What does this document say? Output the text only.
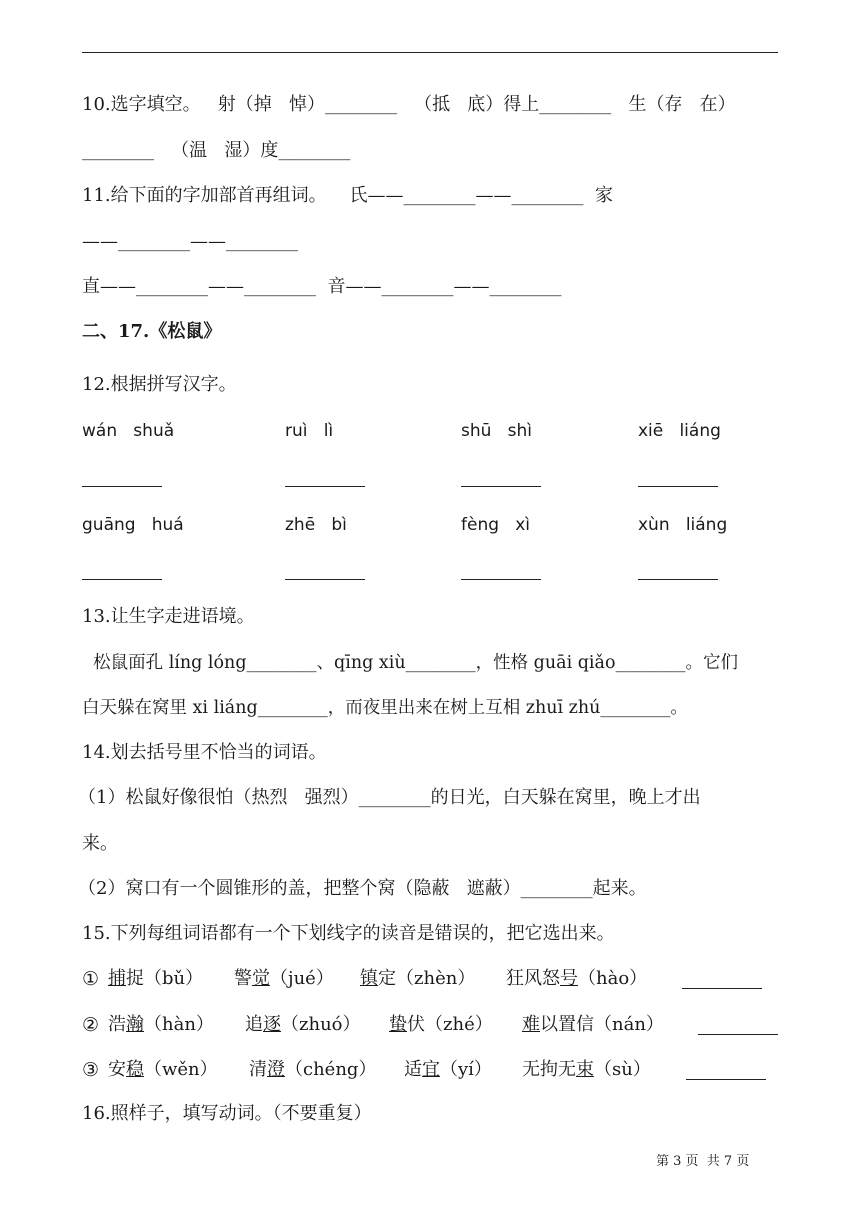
10.选字填空。   射（掉   悼）________   （抵   底）得上________   生（存   在）
________   （温   湿）度________
11.给下面的字加部首再组词。    氏——________——________  家
——________——________
直——________——________  音——________——________
二、17.《松鼠》
12.根据拼写汉字。
wán   shuǎ	ruì   lì	shū   shì	xiē   liáng
guāng   huá	zhē   bì	fèng   xì	xùn   liáng
13.让生字走进语境。
松鼠面孔 líng lóng________、qīng xiù________，性格 guāi qiǎo________。它们
白天躲在窝里 xi liáng________，而夜里出来在树上互相 zhuī zhú________。
14.划去括号里不恰当的词语。
（1）松鼠好像很怕（热烈   强烈）________的日光，白天躲在窝里，晚上才出
来。
（2）窝口有一个圆锥形的盖，把整个窝（隐蔽   遮蔽）________起来。
15.下列每组词语都有一个下划线字的读音是错误的，把它选出来。
① 捕捉（bǔ） 警觉（jué） 镇定（zhèn） 狂风怒号（hào）
② 浩瀚（hàn） 追逐（zhuó） 蛰伏（zhé） 难以置信（nán）
③ 安稳（wěn） 清澄（chéng） 适宜（yí） 无拘无束（sù）
16.照样子，填写动词。（不要重复）
第 3 页  共 7 页
